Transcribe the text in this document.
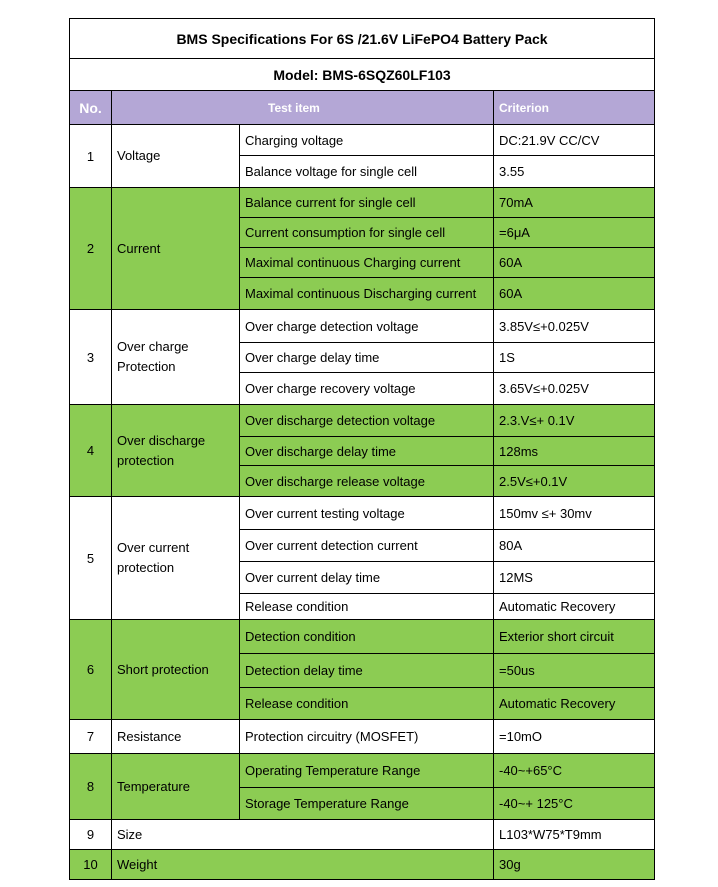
BMS Specifications For 6S /21.6V LiFePO4 Battery Pack			
Model: BMS-6SQZ60LF103			
No.	Test item		Criterion
1	Voltage	Charging voltage	DC:21.9V CC/CV
		Balance voltage for single cell	3.55
2	Current	Balance current for single cell	70mA
		Current consumption for single cell	=6μA
		Maximal continuous Charging current	60A
		Maximal continuous Discharging current	60A
3	Over charge Protection	Over charge detection voltage	3.85V≤+0.025V
		Over charge delay time	1S
		Over charge recovery voltage	3.65V≤+0.025V
4	Over discharge protection	Over discharge detection voltage	2.3.V≤+ 0.1V
		Over discharge delay time	128ms
		Over discharge release voltage	2.5V≤+0.1V
5	Over current protection	Over current testing voltage	150mv ≤+ 30mv
		Over current detection current	80A
		Over current delay time	12MS
		Release condition	Automatic Recovery
6	Short protection	Detection condition	Exterior short circuit
		Detection delay time	=50us
		Release condition	Automatic Recovery
7	Resistance	Protection circuitry (MOSFET)	=10mO
8	Temperature	Operating Temperature Range	-40~+65°C
		Storage Temperature Range	-40~+ 125°C
9	Size		L103*W75*T9mm
10	Weight		30g
